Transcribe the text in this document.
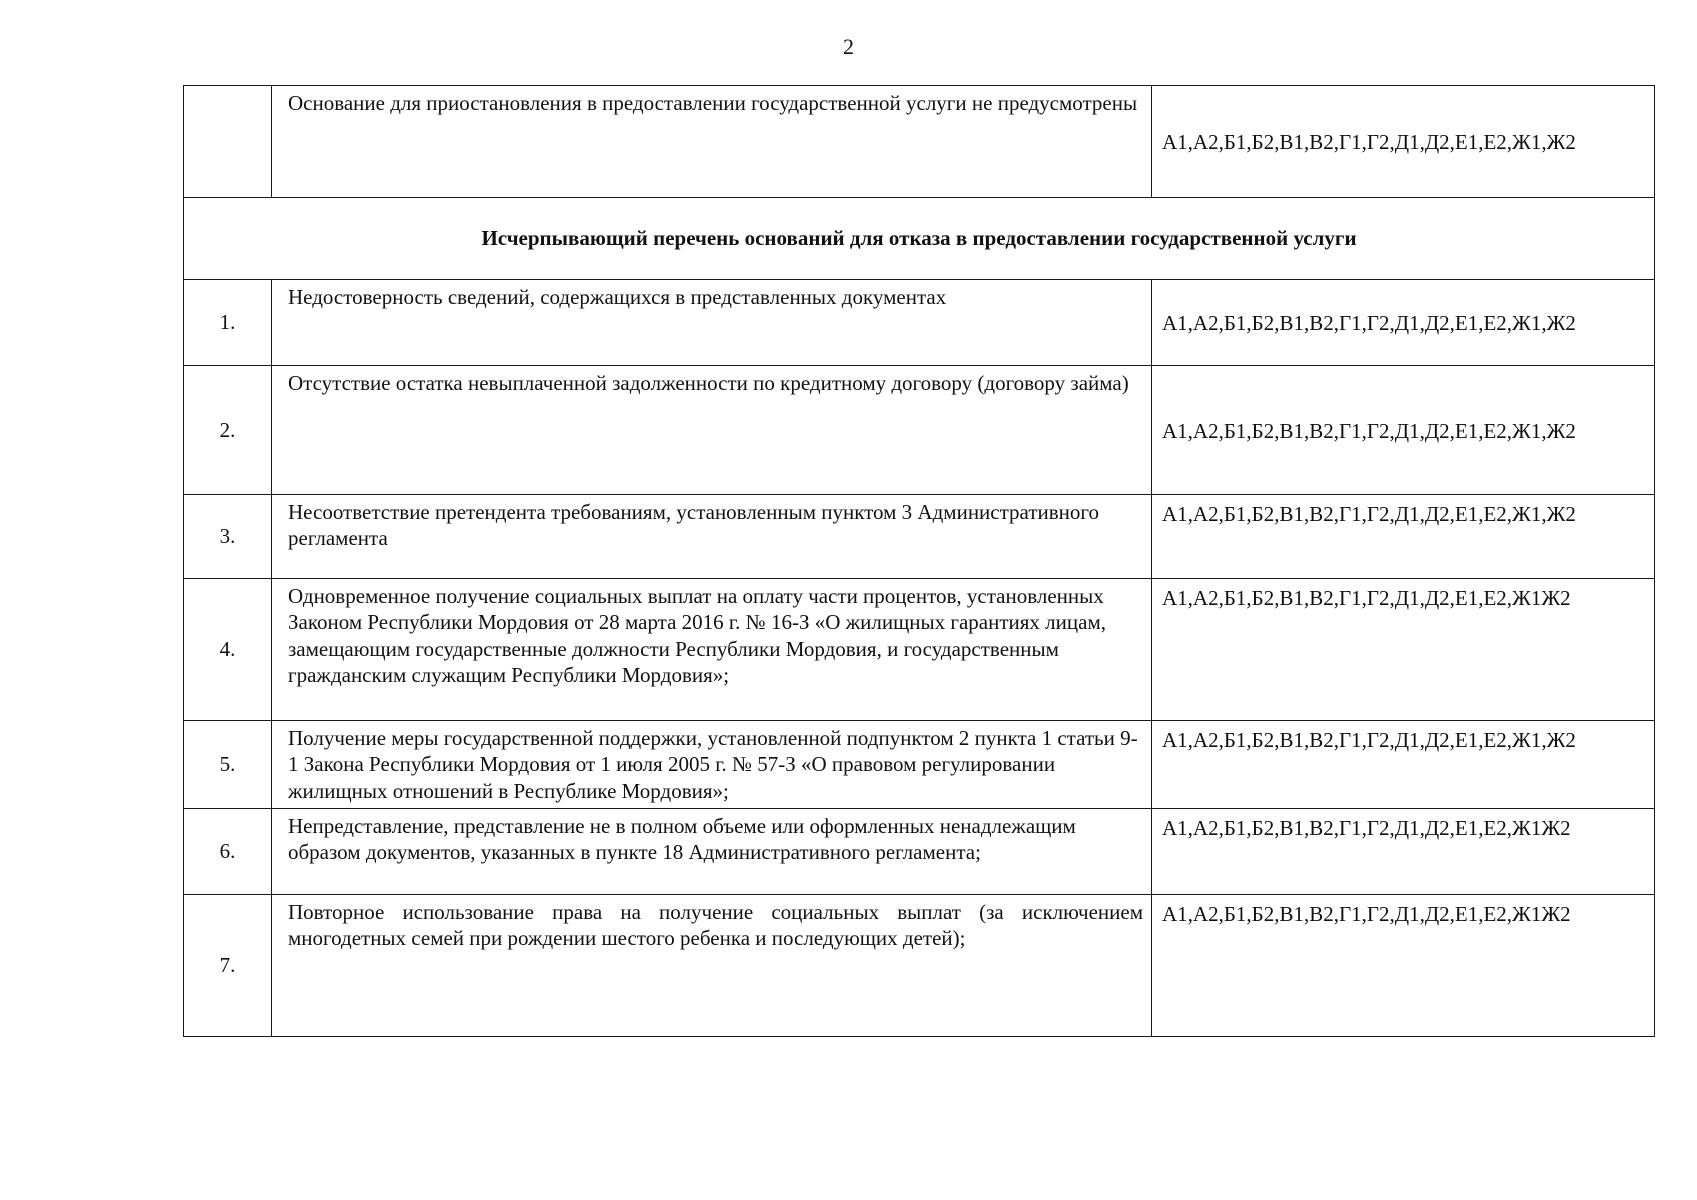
2
	Основание для приостановления в предоставлении государственной услуги не предусмотрены	А1,А2,Б1,Б2,В1,В2,Г1,Г2,Д1,Д2,Е1,Е2,Ж1,Ж2
Исчерпывающий перечень оснований для отказа в предоставлении государственной услуги		
1.	Недостоверность сведений, содержащихся в представленных документах	А1,А2,Б1,Б2,В1,В2,Г1,Г2,Д1,Д2,Е1,Е2,Ж1,Ж2
2.	Отсутствие остатка невыплаченной задолженности по кредитному договору (договору займа)	А1,А2,Б1,Б2,В1,В2,Г1,Г2,Д1,Д2,Е1,Е2,Ж1,Ж2
3.	Несоответствие претендента требованиям, установленным пунктом 3 Административного регламента	А1,А2,Б1,Б2,В1,В2,Г1,Г2,Д1,Д2,Е1,Е2,Ж1,Ж2
4.	Одновременное получение социальных выплат на оплату части процентов, установленных Законом Республики Мордовия от 28 марта 2016 г. № 16-З «О жилищных гарантиях лицам, замещающим государственные должности Республики Мордовия, и государственным гражданским служащим Республики Мордовия»;	А1,А2,Б1,Б2,В1,В2,Г1,Г2,Д1,Д2,Е1,Е2,Ж1Ж2
5.	Получение меры государственной поддержки, установленной подпунктом 2 пункта 1 статьи 9-1 Закона Республики Мордовия от 1 июля 2005 г. № 57-З «О правовом регулировании жилищных отношений в Республике Мордовия»;	А1,А2,Б1,Б2,В1,В2,Г1,Г2,Д1,Д2,Е1,Е2,Ж1,Ж2
6.	Непредставление, представление не в полном объеме или оформленных ненадлежащим образом документов, указанных в пункте 18 Административного регламента;	А1,А2,Б1,Б2,В1,В2,Г1,Г2,Д1,Д2,Е1,Е2,Ж1Ж2
7.	Повторное использование права на получение социальных выплат (за исключением многодетных семей при рождении шестого ребенка и последующих детей);	А1,А2,Б1,Б2,В1,В2,Г1,Г2,Д1,Д2,Е1,Е2,Ж1Ж2
